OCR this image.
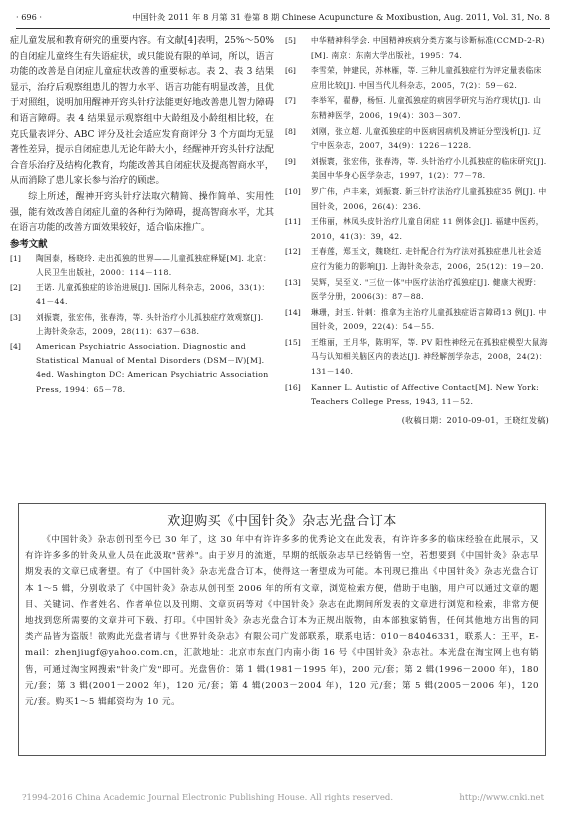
· 696 ·	中国针灸 2011 年 8 月第 31 卷第 8 期 Chinese Acupuncture & Moxibustion, Aug. 2011, Vol. 31, No. 8

症儿童发展和教育研究的重要内容。有文献[4]表明，25%～50%的自闭症儿童终生有失语症状，或只能说有限的单词，所以，语言功能的改善是自闭症儿童症状改善的重要标志。表 2、表 3 结果显示，治疗后观察组患儿的智力水平、语言功能有明显改善，且优于对照组，说明加用醒神开窍头针疗法能更好地改善患儿智力障碍和语言障碍。表 4 结果显示观察组中大龄组及小龄组相比较，在克氏量表评分、ABC 评分及社会适应发育商评分 3 个方面均无显著性差异，提示自闭症患儿无论年龄大小，经醒神开窍头针疗法配合音乐治疗及结构化教育，均能改善其自闭症状及提高智商水平，从而消除了患儿家长参与治疗的顾虑。

综上所述，醒神开窍头针疗法取穴精简、操作简单、实用性强，能有效改善自闭症儿童的各种行为障碍，提高智商水平，尤其在语言功能的改善方面效果较好，适合临床推广。

参考文献
[1]	陶国泰，杨晓玲. 走出孤独的世界——儿童孤独症释疑[M]. 北京：人民卫生出版社，2000：114－118.
[2]	王诺. 儿童孤独症的诊治进展[J]. 国际儿科杂志，2006，33(1)：41－44.
[3]	刘振寰，张宏伟，张春涛，等. 头针治疗小儿孤独症疗效观察[J]. 上海针灸杂志，2009，28(11)：637－638.
[4]	American Psychiatric Association. Diagnostic and Statistical Manual of Mental Disorders (DSM－Ⅳ)[M]. 4ed. Washington DC: American Psychiatric Association Press, 1994：65－78.
[5]	中华精神科学会. 中国精神疾病分类方案与诊断标准(CCMD-2-R)[M]. 南京：东南大学出版社，1995：74.
[6]	李雪荣，钟建民，苏林雁，等. 三种儿童孤独症行为评定量表临床应用比较[J]. 中国当代儿科杂志，2005，7(2)：59－62.
[7]	李举军，翟静，杨恒. 儿童孤独症的病因学研究与治疗现状[J]. 山东精神医学，2006，19(4)：303－307.
[8]	刘刚，张立超. 儿童孤独症的中医病因病机及辨证分型浅析[J]. 辽宁中医杂志，2007，34(9)：1226－1228.
[9]	刘振寰，张宏伟，张春涛，等. 头针治疗小儿孤独症的临床研究[J]. 美国中华身心医学杂志，1997，1(2)：77－78.
[10]	罗广伟，卢丰来，刘振寰. 新三针疗法治疗儿童孤独症35 例[J]. 中国针灸，2006，26(4)：236.
[11]	王伟丽，林凤头皮针治疗儿童自闭症 11 例体会[J]. 福建中医药，2010，41(3)：39，42.
[12]	王春莲，郑玉文，魏晓红. 走针配合行为疗法对孤独症患儿社会适应行为能力的影响[J]. 上海针灸杂志，2006，25(12)：19－20.
[13]	吴辉，吴至义. "三位一体"中医疗法治疗孤独症[J]. 健康大视野：医学分册，2006(3)：87－88.
[14]	琳珊，封玉. 针刺：推拿为主治疗儿童孤独症语言障碍13 例[J]. 中国针灸，2009，22(4)：54－55.
[15]	王维丽，王月华，陈明军，等. PV 阳性神经元在孤独症模型大鼠海马与认知相关脑区内的表达[J]. 神经解剖学杂志，2008，24(2)：131－140.
[16]	Kanner L. Autistic of Affective Contact[M]. New York: Teachers College Press, 1943, 11－52.
(收稿日期：2010-09-01，王晓红发稿)
欢迎购买《中国针灸》杂志光盘合订本
《中国针灸》杂志创刊至今已 30 年了，这 30 年中有许许多多的优秀论文在此发表，有许许多多的临床经验在此展示，又有许许多多的针灸从业人员在此汲取"营养"。由于岁月的流逝，早期的纸版杂志早已经销售一空，若想要到《中国针灸》杂志早期发表的文章已成奢望。有了《中国针灸》杂志光盘合订本，使得这一奢望成为可能。本刊现已推出《中国针灸》杂志光盘合订本 1～5 辑，分别收录了《中国针灸》杂志从创刊至 2006 年的所有文章，浏览检索方便，借助于电脑，用户可以通过文章的题目、关键词、作者姓名、作者单位以及刊期、文章页码等对《中国针灸》杂志在此期间所发表的文章进行浏览和检索，非常方便地找到您所需要的文章并可下载、打印。《中国针灸》杂志光盘合订本为正规出版物，由本部独家销售，任何其他地方出售的同类产品皆为盗版！欲购此光盘者请与《世界针灸杂志》有限公司广发部联系，联系电话：010－84046331，联系人：王平，E-mail：zhenjiugf@yahoo.com.cn，汇款地址：北京市东直门内南小街 16 号《中国针灸》杂志社。本光盘在淘宝网上也有销售，可通过淘宝网搜索"针灸广发"即可。光盘售价：第 1 辑(1981－1995 年)，200 元/套；第 2 辑(1996－2000 年)，180 元/套；第 3 辑(2001－2002 年)，120 元/套；第 4 辑(2003－2004 年)，120 元/套；第 5 辑(2005－2006 年)，120 元/套。购买1～5 辑邮资均为 10 元。
?1994-2016 China Academic Journal Electronic Publishing House. All rights reserved.	http://www.cnki.net
